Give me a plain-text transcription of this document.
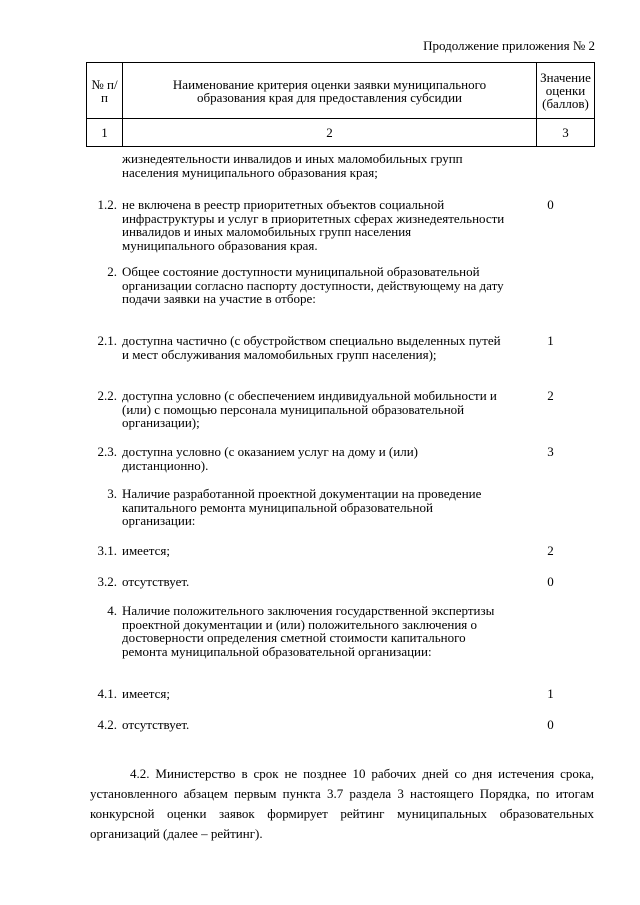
Продолжение приложения № 2
№ п/п	Наименование критерия оценки заявки муниципального образования края для предоставления субсидии	Значение оценки (баллов)
1	2	3
жизнедеятельности инвалидов и иных маломобильных групп населения муниципального образования края;
1.2. не включена в реестр приоритетных объектов социальной инфраструктуры и услуг в приоритетных сферах жизнедеятельности инвалидов и иных маломобильных групп населения муниципального образования края.
0
2. Общее состояние доступности муниципальной образовательной организации согласно паспорту доступности, действующему на дату подачи заявки на участие в отборе:
2.1. доступна частично (с обустройством специально выделенных путей и мест обслуживания маломобильных групп населения);
1
2.2. доступна условно (с обеспечением индивидуальной мобильности и (или) с помощью персонала муниципальной образовательной организации);
2
2.3. доступна условно (с оказанием услуг на дому и (или) дистанционно).
3
3. Наличие разработанной проектной документации на проведение капитального ремонта муниципальной образовательной организации:
3.1. имеется;	2
3.2. отсутствует.	0
4. Наличие положительного заключения государственной экспертизы проектной документации и (или) положительного заключения о достоверности определения сметной стоимости капитального ремонта муниципальной образовательной организации:
4.1. имеется;	1
4.2. отсутствует.	0
4.2. Министерство в срок не позднее 10 рабочих дней со дня истечения срока, установленного абзацем первым пункта 3.7 раздела 3 настоящего Порядка, по итогам конкурсной оценки заявок формирует рейтинг муниципальных образовательных организаций (далее – рейтинг).
